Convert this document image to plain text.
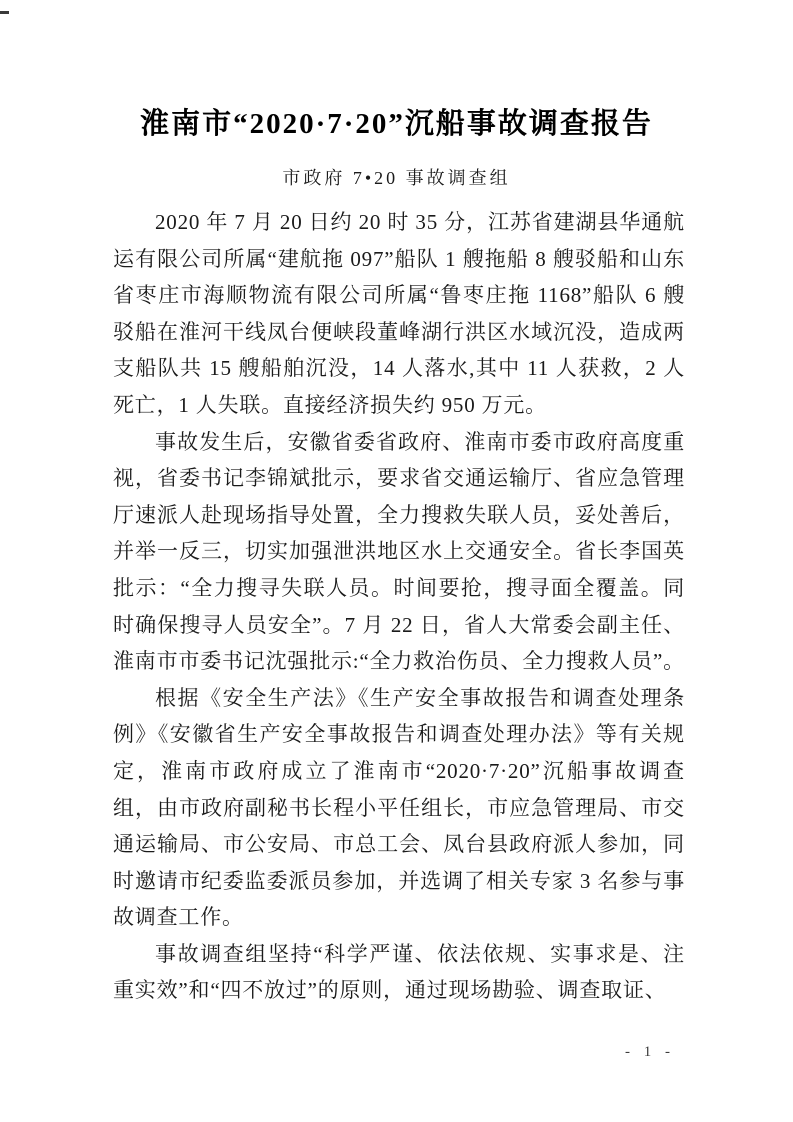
淮南市“2020·7·20”沉船事故调查报告
市政府 7•20 事故调查组

2020 年 7 月 20 日约 20 时 35 分，江苏省建湖县华通航运有限公司所属“建航拖 097”船队 1 艘拖船 8 艘驳船和山东省枣庄市海顺物流有限公司所属“鲁枣庄拖 1168”船队 6 艘驳船在淮河干线凤台便峡段董峰湖行洪区水域沉没，造成两支船队共 15 艘船舶沉没，14 人落水,其中 11 人获救，2 人死亡，1 人失联。直接经济损失约 950 万元。

事故发生后，安徽省委省政府、淮南市委市政府高度重视，省委书记李锦斌批示，要求省交通运输厅、省应急管理厅速派人赴现场指导处置，全力搜救失联人员，妥处善后，并举一反三，切实加强泄洪地区水上交通安全。省长李国英批示：“全力搜寻失联人员。时间要抢，搜寻面全覆盖。同时确保搜寻人员安全”。7 月 22 日，省人大常委会副主任、淮南市市委书记沈强批示:“全力救治伤员、全力搜救人员”。

根据《安全生产法》《生产安全事故报告和调查处理条例》《安徽省生产安全事故报告和调查处理办法》等有关规定，淮南市政府成立了淮南市“2020·7·20”沉船事故调查组，由市政府副秘书长程小平任组长，市应急管理局、市交通运输局、市公安局、市总工会、凤台县政府派人参加，同时邀请市纪委监委派员参加，并选调了相关专家 3 名参与事故调查工作。

事故调查组坚持“科学严谨、依法依规、实事求是、注重实效”和“四不放过”的原则，通过现场勘验、调查取证、

- 1 -
